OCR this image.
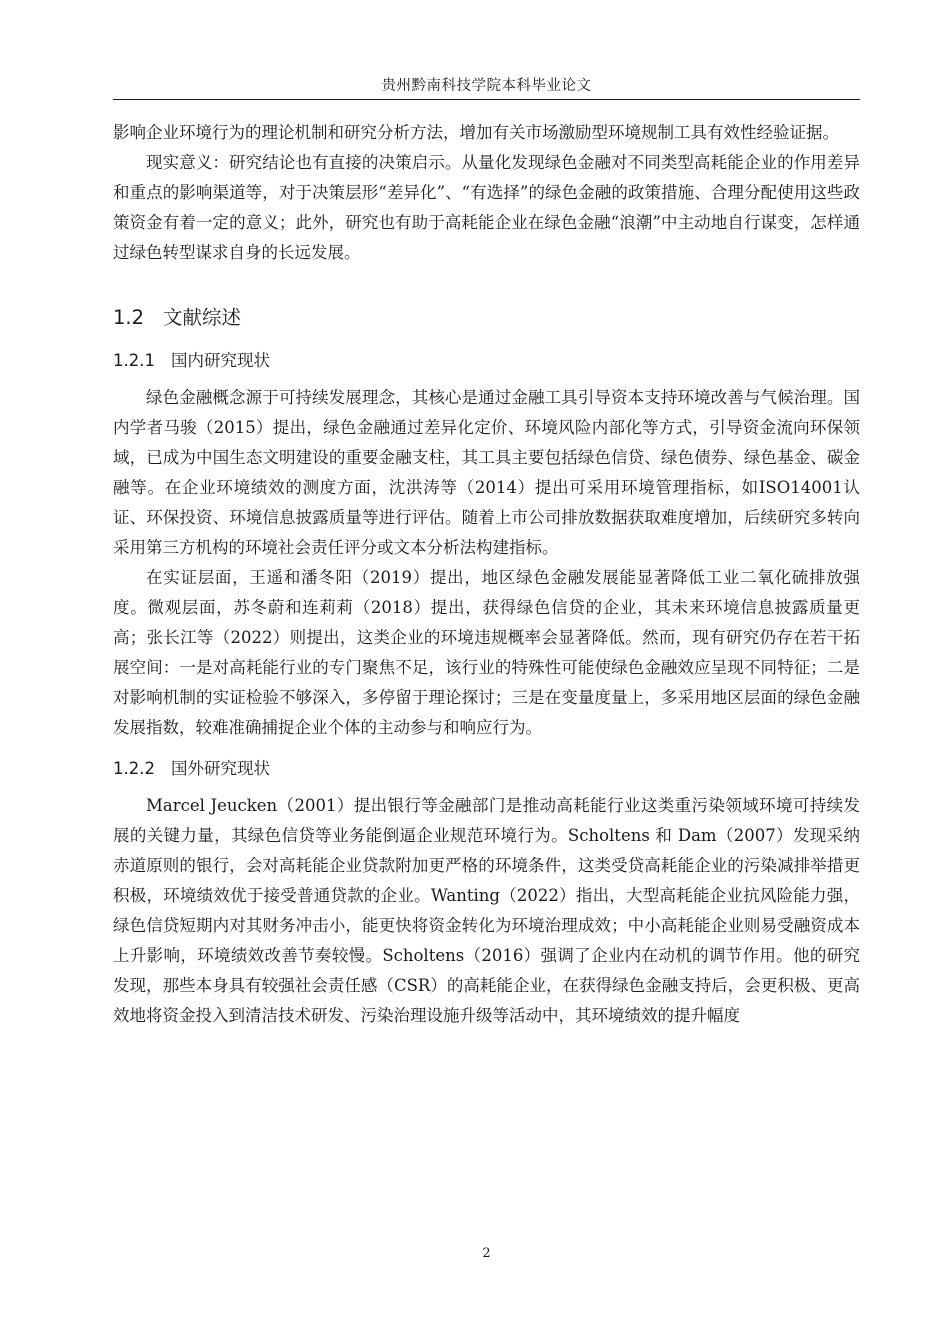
贵州黔南科技学院本科毕业论文

影响企业环境行为的理论机制和研究分析方法，增加有关市场激励型环境规制工具有效性经验证据。

现实意义：研究结论也有直接的决策启示。从量化发现绿色金融对不同类型高耗能企业的作用差异和重点的影响渠道等，对于决策层形“差异化”、“有选择”的绿色金融的政策措施、合理分配使用这些政策资金有着一定的意义；此外，研究也有助于高耗能企业在绿色金融“浪潮”中主动地自行谋变，怎样通过绿色转型谋求自身的长远发展。

1.2 文献综述
1.2.1 国内研究现状

绿色金融概念源于可持续发展理念，其核心是通过金融工具引导资本支持环境改善与气候治理。国内学者马骏（2015）提出，绿色金融通过差异化定价、环境风险内部化等方式，引导资金流向环保领域，已成为中国生态文明建设的重要金融支柱，其工具主要包括绿色信贷、绿色债券、绿色基金、碳金融等。在企业环境绩效的测度方面，沈洪涛等（2014）提出可采用环境管理指标，如ISO14001认证、环保投资、环境信息披露质量等进行评估。随着上市公司排放数据获取难度增加，后续研究多转向采用第三方机构的环境社会责任评分或文本分析法构建指标。

在实证层面，王遥和潘冬阳（2019）提出，地区绿色金融发展能显著降低工业二氧化硫排放强度。微观层面，苏冬蔚和连莉莉（2018）提出，获得绿色信贷的企业，其未来环境信息披露质量更高；张长江等（2022）则提出，这类企业的环境违规概率会显著降低。然而，现有研究仍存在若干拓展空间：一是对高耗能行业的专门聚焦不足，该行业的特殊性可能使绿色金融效应呈现不同特征；二是对影响机制的实证检验不够深入，多停留于理论探讨；三是在变量度量上，多采用地区层面的绿色金融发展指数，较难准确捕捉企业个体的主动参与和响应行为。

1.2.2 国外研究现状

Marcel Jeucken（2001）提出银行等金融部门是推动高耗能行业这类重污染领域环境可持续发展的关键力量，其绿色信贷等业务能倒逼企业规范环境行为。Scholtens 和 Dam（2007）发现采纳赤道原则的银行，会对高耗能企业贷款附加更严格的环境条件，这类受贷高耗能企业的污染减排举措更积极，环境绩效优于接受普通贷款的企业。Wanting（2022）指出，大型高耗能企业抗风险能力强，绿色信贷短期内对其财务冲击小，能更快将资金转化为环境治理成效；中小高耗能企业则易受融资成本上升影响，环境绩效改善节奏较慢。Scholtens（2016）强调了企业内在动机的调节作用。他的研究发现，那些本身具有较强社会责任感（CSR）的高耗能企业，在获得绿色金融支持后，会更积极、更高效地将资金投入到清洁技术研发、污染治理设施升级等活动中，其环境绩效的提升幅度

2
